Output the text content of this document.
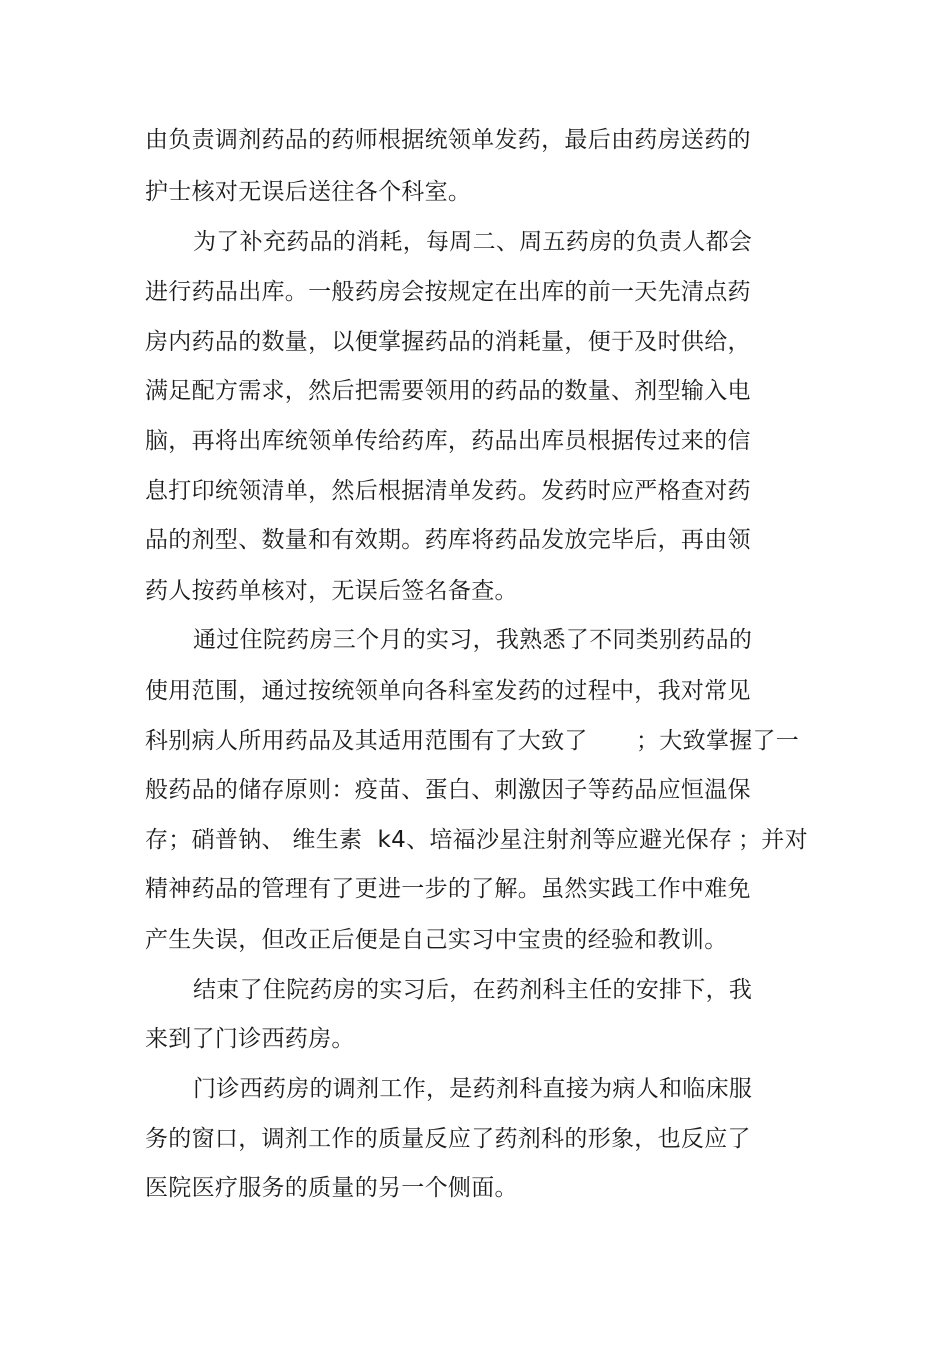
由负责调剂药品的药师根据统领单发药，最后由药房送药的

护士核对无误后送往各个科室。

为了补充药品的消耗，每周二、周五药房的负责人都会

进行药品出库。一般药房会按规定在出库的前一天先清点药

房内药品的数量，以便掌握药品的消耗量，便于及时供给，

满足配方需求，然后把需要领用的药品的数量、剂型输入电

脑，再将出库统领单传给药库，药品出库员根据传过来的信

息打印统领清单，然后根据清单发药。发药时应严格查对药

品的剂型、数量和有效期。药库将药品发放完毕后，再由领

药人按药单核对，无误后签名备查。

通过住院药房三个月的实习，我熟悉了不同类别药品的

使用范围，通过按统领单向各科室发药的过程中，我对常见

科别病人所用药品及其适用范围有了大致了 ；大致掌握了一

般药品的储存原则：疫苗、蛋白、刺激因子等药品应恒温保

存；硝普钠、 维生素  k4、培福沙星注射剂等应避光保存 ；并对

精神药品的管理有了更进一步的了解。虽然实践工作中难免

产生失误，但改正后便是自己实习中宝贵的经验和教训。

结束了住院药房的实习后，在药剂科主任的安排下，我

来到了门诊西药房。

门诊西药房的调剂工作，是药剂科直接为病人和临床服

务的窗口，调剂工作的质量反应了药剂科的形象，也反应了

医院医疗服务的质量的另一个侧面。
